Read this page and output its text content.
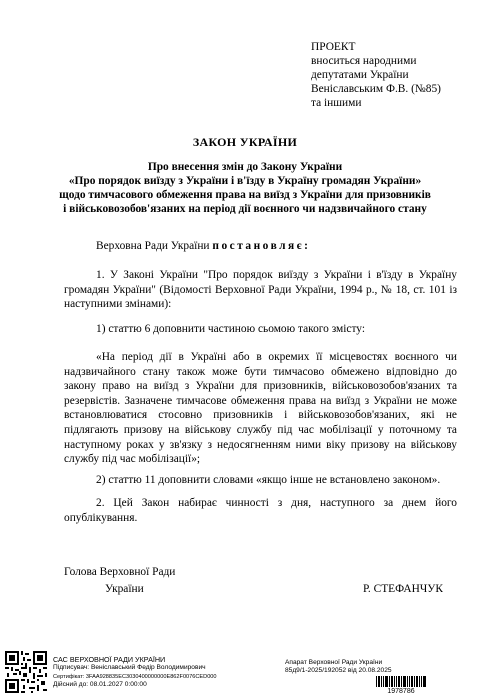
ПРОЕКТ
вноситься народними
депутатами України
Веніславським Ф.В. (№85)
та іншими
ЗАКОН УКРАЇНИ
Про внесення змін до Закону України
«Про порядок виїзду з України і в'їзду в Україну громадян України»
щодо тимчасового обмеження права на виїзд з України для призовників
і військовозобов'язаних на період дії воєнного чи надзвичайного стану
Верховна Ради України постановляє:
1. У Законі України "Про порядок виїзду з України і в'їзду в Україну громадян України" (Відомості Верховної Ради України, 1994 р., № 18, ст. 101 із наступними змінами):
1) статтю 6 доповнити частиною сьомою такого змісту:
«На період дії в Україні або в окремих її місцевостях воєнного чи надзвичайного стану також може бути тимчасово обмежено відповідно до закону право на виїзд з України для призовників, військовозобов'язаних та резервістів. Зазначене тимчасове обмеження права на виїзд з України не може встановлюватися стосовно призовників і військовозобов'язаних, які не підлягають призову на військову службу під час мобілізації у поточному та наступному роках у зв'язку з недосягненням ними віку призову на військову службу під час мобілізації»;
2) статтю 11 доповнити словами «якщо інше не встановлено законом».
2. Цей Закон набирає чинності з дня, наступного за днем його опублікування.
Голова Верховної Ради
України	Р. СТЕФАНЧУК
САС ВЕРХОВНОЇ РАДИ УКРАЇНИ
Підписувач: Веніславський Федір Володимирович
Сертифікат: 3FAA928835EC3030400000000E862F0076CED000
Дійсний до: 08.01.2027 0:00:00
Апарат Верховної Ради України
85д9/1-2025/192052 від 20.08.2025
1978786
